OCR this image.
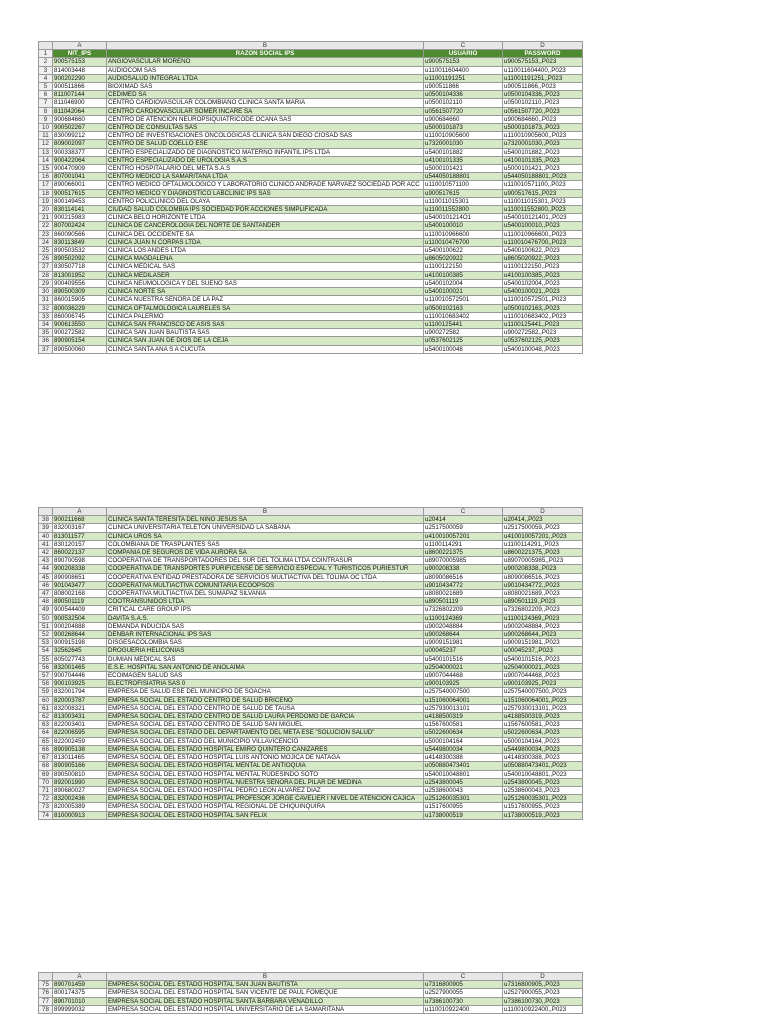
	A	B	C	D
1	NIT_IPS	RAZON SOCIAL IPS	USUARIO	PASSWORD
2	900575153	ANGIOVASCULAR MORENO	u900575153	u900575153,,P023
3	814003448	AUDIOCOM SAS	u110011604400	u110011604400,,P023
4	900202290	AUDIOSALUD INTEGRAL LTDA	u11001191251	u11001191251,,P023
5	900511866	BIOXIMAD SAS	u900511866	u900511866,,P023
6	811007144	CEDIMED SA	u0500104336	u0500104336,,P023
7	811046900	CENTRO CARDIOVASCULAR COLOMBIANO CLINICA SANTA MARIA	u0500102110	u0500102110,,P023
8	811042064	CENTRO CARDIOVASCULAR SOMER INCARE SA	u0561507720	u0561507720,,P023
9	900684660	CENTRO DE ATENCION NEUROPSIQUIATRICODE OCANA SAS	u900684660	u900684660,,P023
10	900502267	CENTRO DE CONSULTAS SAS	u5000101873	u5000101873,,P023
11	830099212	CENTRO DE INVESTIGACIONES ONCOLOGICAS CLINICA SAN DIEGO CIOSAD SAS	u110010905600	u110010905600,,P023
12	809002097	CENTRO DE SALUD COELLO ESE	u7320001030	u7320001030,,P023
13	900338377	CENTRO ESPECIALIZADO DE DIAGNOSTICO MATERNO INFANTIL IPS LTDA	u5400101882	u5400101882,,P023
14	900422064	CENTRO ESPECIALIZADO DE UROLOGIA S.A.S	u4100101335	u4100101335,,P023
15	900470909	CENTRO HOSPITALARIO DEL META S.A.S	u5000101421	u5000101421,,P023
16	807001041	CENTRO MEDICO LA SAMARITANA LTDA	u544050188801	u544050188801,,P023
17	890066001	CENTRO MEDICO OFTALMOLOGICO Y LABORATORIO CLINICO ANDRADE NARVAEZ SOCIEDAD POR ACC	u110010571100	u110010571100,,P023
18	900517615	CENTRO MEDICO Y DIAGNOSTICO LABCLINIC IPS SAS	u900517615	u900517615,,P023
19	800149453	CENTRO POLICLINICO DEL OLAYA	u110011015301	u110011015301,,P023
20	830114141	CIUDAD SALUD COLOMBIA IPS SOCIEDAD POR ACCIONES SIMPLIFICADA	u110011552800	u110011552800,,P023
21	900215983	CLINICA BELO HORIZONTE LTDA	u5400101214O1	u540010121401,,P023
22	807002424	CLINICA DE CANCEROLOGIA DEL NORTE DE SANTANDER	u5400100010	u5400100010,,P023
23	860090566	CLINICA DEL OCCIDENTE SA	u110010966600	u110010966600,,P023
24	830113849	CLINICA JUAN N CORPAS LTDA	u110010476700	u110010476700,,P023
25	890503532	CLINICA LOS ANDES LTDA	u5400100622	u5400100622,,P023
26	890502092	CLINICA MAGDALENA	u8605020922	u8605020922,,P023
27	830507718	CLINICA MEDICAL SAS	u1100122150	u1100122150,,P023
28	813001952	CLINICA MEDILASER	u4100100385	u4100100385,,P023
29	900409556	CLINICA NEUMOLOGICA Y DEL SUENO SAS	u5400102004	u5400102004,,P023
30	890500309	CLINICA NORTE SA	u5400100021	u5400100021,,P023
31	860015905	CLINICA NUESTRA SENORA DE LA PAZ	u110010572501	u110010572501,,P023
32	800036229	CLINICA OFTALMOLOGICA LAURELES SA	u0500102163	u0500102163,,P023
33	860006745	CLINICA PALERMO	u110010683402	u110010683402,,P023
34	900613550	CLINICA SAN FRANCISCO DE ASIS SAS	u1100125441	u1100125441,,P023
35	900272582	CLINICA SAN JUAN BAUTISTA SAS	u900272582	u900272582,,P023
36	890905154	CLINICA SAN JUAN DE DIOS DE LA CEJA	u0537602125	u0537602125,,P023
37	890500060	CLINICA SANTA ANA S A CUCUTA	u5400100048	u5400100048,,P023
	A	B	C	D
38	900211668	CLINICA SANTA TERESITA DEL NINO JESUS SA	u20414	u20414,,P023
39	832003167	CLINICA UNIVERSITARIA TELETON UNIVERSIDAD LA SABANA	u2517500059	u2517500059,,P023
40	813011577	CLINICA UROS SA	u410010057201	u410010057201,,P023
41	830120157	COLOMBIANA DE TRASPLANTES SAS	u1100114291	u1100114291,,P023
42	860022137	COMPANIA DE SEGUROS DE VIDA AURORA SA	u8600221375	u8600221375,,P023
43	890700598	COOPERATIVA DE TRANSPORTADORES DEL SUR DEL TOLIMA LTDA COINTRASUR	u89070005985	u89070005985,,P023
44	900208338	COOPERATIVA DE TRANSPORTES PURIFICENSE DE SERVICIO ESPECIAL Y TURISTICOS PURIESTUR	u900208338	u900208338,,P023
45	890908651	COOPERATIVA ENTIDAD PRESTADORA DE SERVICIOS MULTIACTIVA DEL TOLIMA OC LTDA	u8090086516	u8090086516,,P023
46	901043477	COOPERATIVA MULTIACTIVA COMUNITARIA ECOOPSOS	u9010434772	u9010434772,,P023
47	808002168	COOPERATIVA MULTIACTIVA DEL SUMAPAZ SILVANIA	u8080021689	u8080021689,,P023
48	890501119	COOTRANSUNIDOS LTDA	u890501119	u890501119,,P023
49	900544409	CRITICAL CARE GROUP IPS	u7326802209	u7326802209,,P023
50	900532504	DAVITA S.A.S.	u1100124369	u1100124369,,P023
51	900204888	DEMANDA INDUCIDA SAS	u9002048884	u9002048884,,P023
52	900268644	DENBAR INTERNACIONAL IPS SAS	u900268644	u900268644,,P023
53	900915198	DISGESACOLOMBIA SAS	u9009151981	u9009151981,,P023
54	32562645	DROGUERIA HELICONIAS	u00045237	u00045237,,P023
55	805027743	DUMIAN MEDICAL SAS	u5400101516	u5400101516,,P023
56	832001465	E.S.E. HOSPITAL SAN ANTONIO DE ANOLAIMA	u2504000021	u2504000021,,P023
57	900704446	ECOIMAGEN SALUD SAS	u9007044468	u9007044468,,P023
58	900103925	ELECTROFISIATRIA SAS 0	u900103925	u900103925,,P023
59	832001794	EMPRESA DE SALUD ESE DEL MUNICIPIO DE SOACHA	u257540007500	u257540007500,,P023
60	820003787	EMPRESA SOCIAL DEL ESTADO CENTRO DE SALUD BRICENO	u151060064001	u151060064001,,P023
61	832008321	EMPRESA SOCIAL DEL ESTADO CENTRO DE SALUD DE TAUSA	u257930013101	u257930013101,,P023
62	813003431	EMPRESA SOCIAL DEL ESTADO CENTRO DE SALUD LAURA PERDOMO DE GARCIA	u4188500319	u4188500319,,P023
63	822003401	EMPRESA SOCIAL DEL ESTADO CENTRO DE SALUD SAN MIGUEL	u1567600581	u1567600581,,P023
64	822006595	EMPRESA SOCIAL DEL ESTADO DEL DEPARTAMENTO DEL META ESE "SOLUCION SALUD"	u5022600634	u5022600634,,P023
65	822002459	EMPRESA SOCIAL DEL ESTADO DEL MUNICIPIO VILLAVICENCIO	u5000104164	u5000104164,,P023
66	890905138	EMPRESA SOCIAL DEL ESTADO HOSPITAL EMIRO QUINTERO CANIZARES	u5449800034	u5449800034,,P023
67	813011465	EMPRESA SOCIAL DEL ESTADO HOSPITAL LUIS ANTONIO MOJICA DE NATAGA	u4148300388	u4148300388,,P023
68	890905166	EMPRESA SOCIAL DEL ESTADO HOSPITAL MENTAL DE ANTIOQUIA	u050880473401	u050880473401,,P023
69	890500810	EMPRESA SOCIAL DEL ESTADO HOSPITAL MENTAL RUDESINDO SOTO	u540010048801	u540010048801,,P023
70	892001990	EMPRESA SOCIAL DEL ESTADO HOSPITAL NUESTRA SENORA DEL PILAR DE MEDINA	u2543800045	u2543800045,,P023
71	890680027	EMPRESA SOCIAL DEL ESTADO HOSPITAL PEDRO LEON ALVAREZ DIAZ	u2538600043	u2538600043,,P023
72	832002436	EMPRESA SOCIAL DEL ESTADO HOSPITAL PROFESOR JORGE CAVELIER I NIVEL DE ATENCION CAJICA	u251260035301	u251260035301,,P023
73	820005389	EMPRESA SOCIAL DEL ESTADO HOSPITAL REGIONAL DE CHIQUINQUIRA	u1517600955	u1517600955,,P023
74	810000913	EMPRESA SOCIAL DEL ESTADO HOSPITAL SAN FELIX	u1738000519	u1738000519,,P023
	A	B	C	D
75	890701459	EMPRESA SOCIAL DEL ESTADO HOSPITAL SAN JUAN BAUTISTA	u7316800905	u7316800905,,P023
76	800174375	EMPRESA SOCIAL DEL ESTADO HOSPITAL SAN VICENTE DE PAUL FOMEQUE	u2527900055	u2527900055,,P023
77	890701010	EMPRESA SOCIAL DEL ESTADO HOSPITAL SANTA BARBARA VENADILLO	u7386100730	u7386100730,,P023
78	899999032	EMPRESA SOCIAL DEL ESTADO HOSPITAL UNIVERSITARIO DE LA SAMARITANA	u110010922400	u110010922400,,P023
